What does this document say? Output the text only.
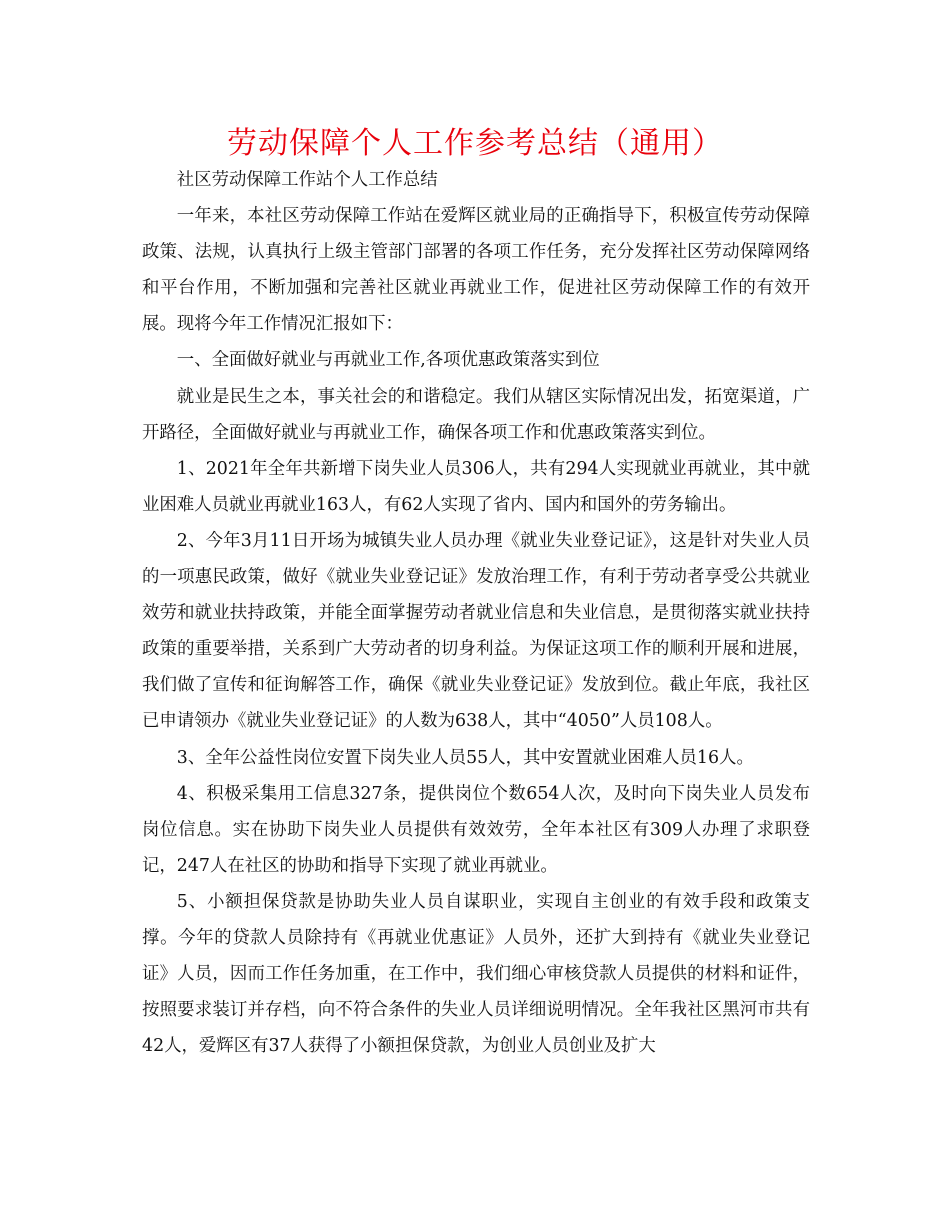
劳动保障个人工作参考总结（通用）

社区劳动保障工作站个人工作总结

一年来，本社区劳动保障工作站在爱辉区就业局的正确指导下，积极宣传劳动保障政策、法规，认真执行上级主管部门部署的各项工作任务，充分发挥社区劳动保障网络和平台作用，不断加强和完善社区就业再就业工作，促进社区劳动保障工作的有效开展。现将今年工作情况汇报如下：

一、全面做好就业与再就业工作,各项优惠政策落实到位

就业是民生之本，事关社会的和谐稳定。我们从辖区实际情况出发，拓宽渠道，广开路径，全面做好就业与再就业工作，确保各项工作和优惠政策落实到位。

1、2021年全年共新增下岗失业人员306人，共有294人实现就业再就业，其中就业困难人员就业再就业163人，有62人实现了省内、国内和国外的劳务输出。

2、今年3月11日开场为城镇失业人员办理《就业失业登记证》，这是针对失业人员的一项惠民政策，做好《就业失业登记证》发放治理工作，有利于劳动者享受公共就业效劳和就业扶持政策，并能全面掌握劳动者就业信息和失业信息，是贯彻落实就业扶持政策的重要举措，关系到广大劳动者的切身利益。为保证这项工作的顺利开展和进展，我们做了宣传和征询解答工作，确保《就业失业登记证》发放到位。截止年底，我社区已申请领办《就业失业登记证》的人数为638人，其中“4050”人员108人。

3、全年公益性岗位安置下岗失业人员55人，其中安置就业困难人员16人。

4、积极采集用工信息327条，提供岗位个数654人次，及时向下岗失业人员发布岗位信息。实在协助下岗失业人员提供有效效劳，全年本社区有309人办理了求职登记，247人在社区的协助和指导下实现了就业再就业。

5、小额担保贷款是协助失业人员自谋职业，实现自主创业的有效手段和政策支撑。今年的贷款人员除持有《再就业优惠证》人员外，还扩大到持有《就业失业登记证》人员，因而工作任务加重，在工作中，我们细心审核贷款人员提供的材料和证件，按照要求装订并存档，向不符合条件的失业人员详细说明情况。全年我社区黑河市共有42人，爱辉区有37人获得了小额担保贷款，为创业人员创业及扩大
